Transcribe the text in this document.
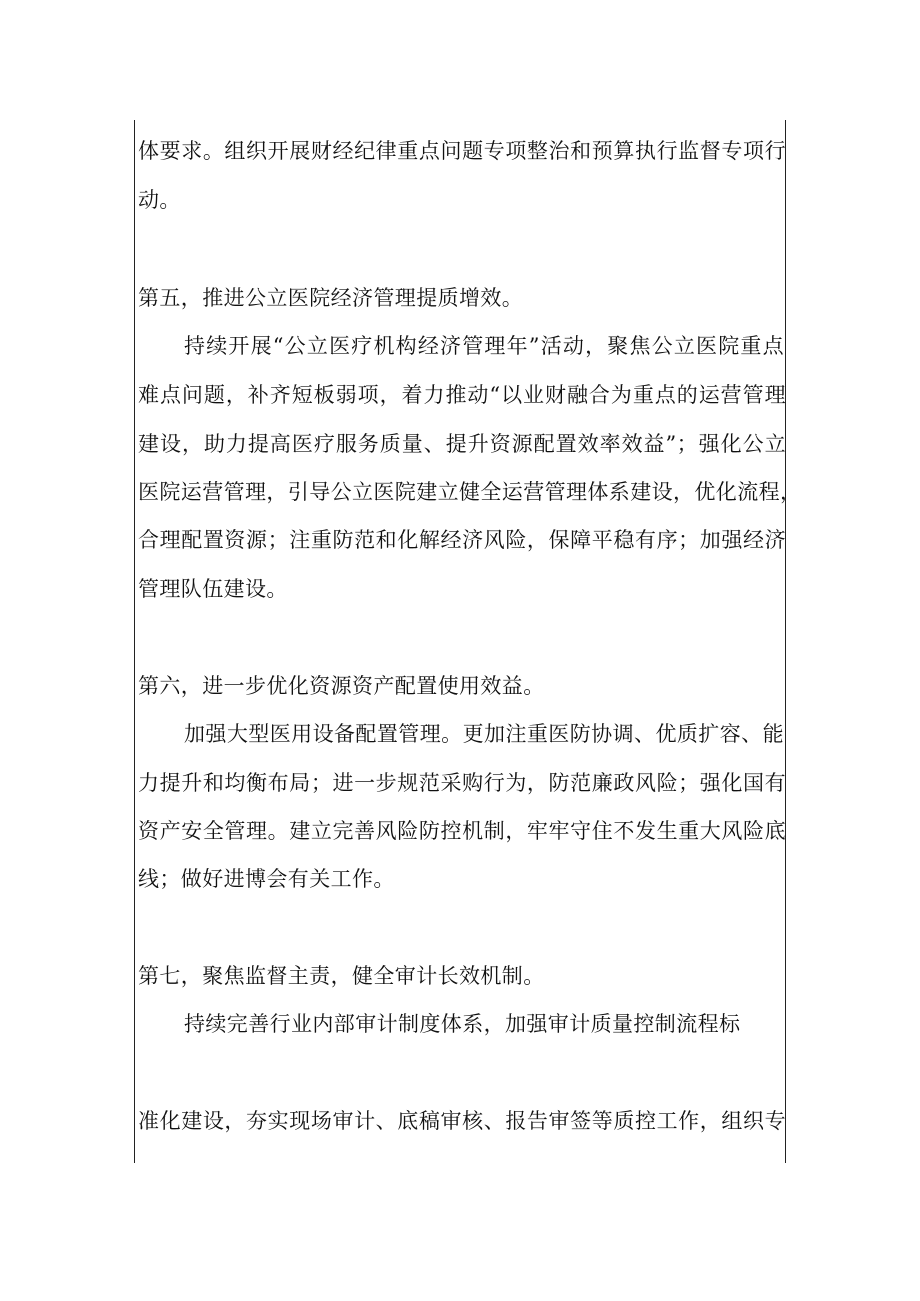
体要求。组织开展财经纪律重点问题专项整治和预算执行监督专项行
动。
第五，推进公立医院经济管理提质增效。
持续开展“公立医疗机构经济管理年”活动，聚焦公立医院重点
难点问题，补齐短板弱项，着力推动“以业财融合为重点的运营管理
建设，助力提高医疗服务质量、提升资源配置效率效益”；强化公立
医院运营管理，引导公立医院建立健全运营管理体系建设，优化流程，
合理配置资源；注重防范和化解经济风险，保障平稳有序；加强经济
管理队伍建设。
第六，进一步优化资源资产配置使用效益。
加强大型医用设备配置管理。更加注重医防协调、优质扩容、能
力提升和均衡布局；进一步规范采购行为，防范廉政风险；强化国有
资产安全管理。建立完善风险防控机制，牢牢守住不发生重大风险底
线；做好进博会有关工作。
第七，聚焦监督主责，健全审计长效机制。
持续完善行业内部审计制度体系，加强审计质量控制流程标
准化建设，夯实现场审计、底稿审核、报告审签等质控工作，组织专
